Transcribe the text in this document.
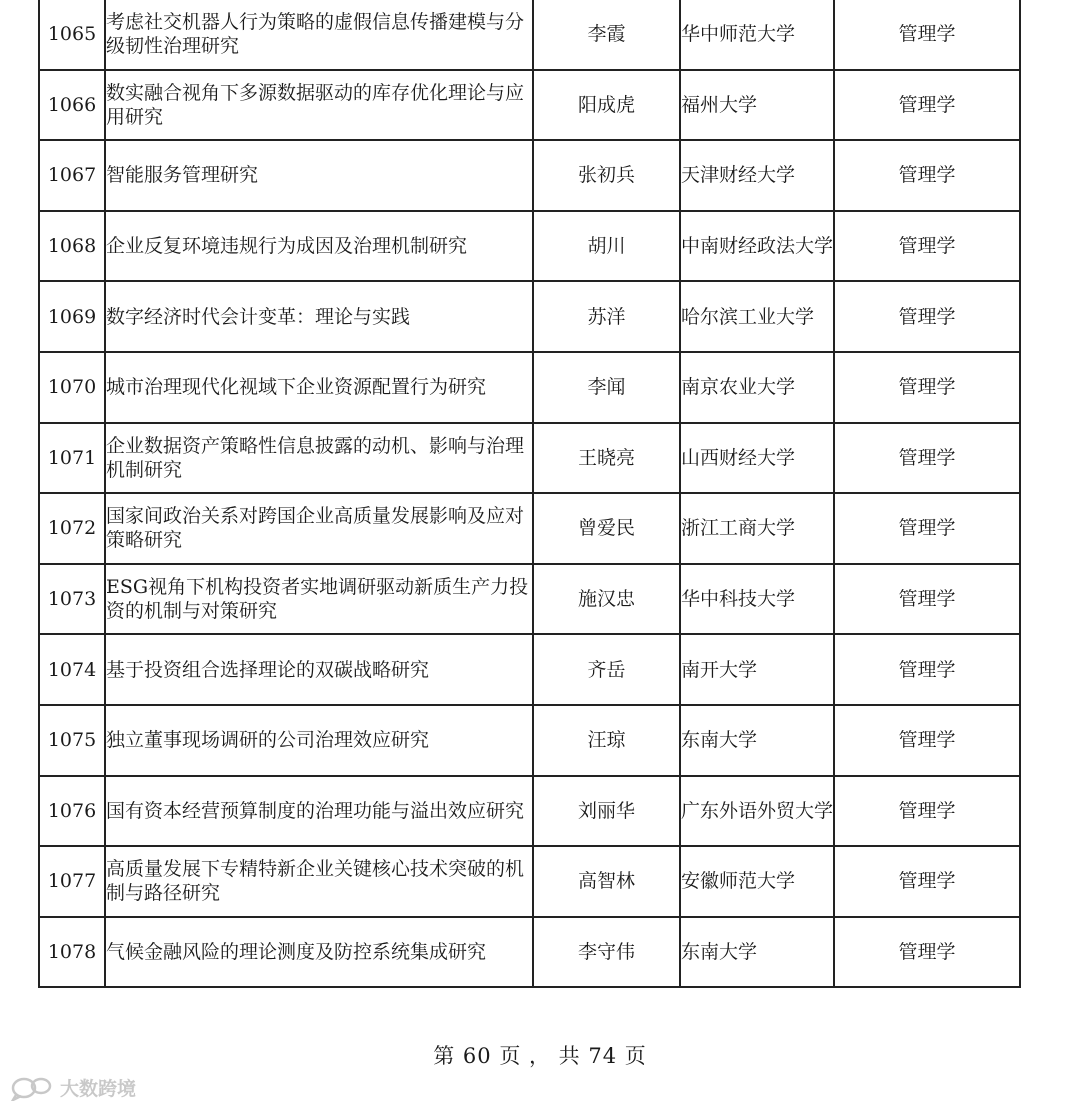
1065	考虑社交机器人行为策略的虚假信息传播建模与分级韧性治理研究	李霞	华中师范大学	管理学
1066	数实融合视角下多源数据驱动的库存优化理论与应用研究	阳成虎	福州大学	管理学
1067	智能服务管理研究	张初兵	天津财经大学	管理学
1068	企业反复环境违规行为成因及治理机制研究	胡川	中南财经政法大学	管理学
1069	数字经济时代会计变革：理论与实践	苏洋	哈尔滨工业大学	管理学
1070	城市治理现代化视域下企业资源配置行为研究	李闻	南京农业大学	管理学
1071	企业数据资产策略性信息披露的动机、影响与治理机制研究	王晓亮	山西财经大学	管理学
1072	国家间政治关系对跨国企业高质量发展影响及应对策略研究	曾爱民	浙江工商大学	管理学
1073	ESG视角下机构投资者实地调研驱动新质生产力投资的机制与对策研究	施汉忠	华中科技大学	管理学
1074	基于投资组合选择理论的双碳战略研究	齐岳	南开大学	管理学
1075	独立董事现场调研的公司治理效应研究	汪琼	东南大学	管理学
1076	国有资本经营预算制度的治理功能与溢出效应研究	刘丽华	广东外语外贸大学	管理学
1077	高质量发展下专精特新企业关键核心技术突破的机制与路径研究	高智林	安徽师范大学	管理学
1078	气候金融风险的理论测度及防控系统集成研究	李守伟	东南大学	管理学
第 60 页 ， 共 74 页
大数跨境
